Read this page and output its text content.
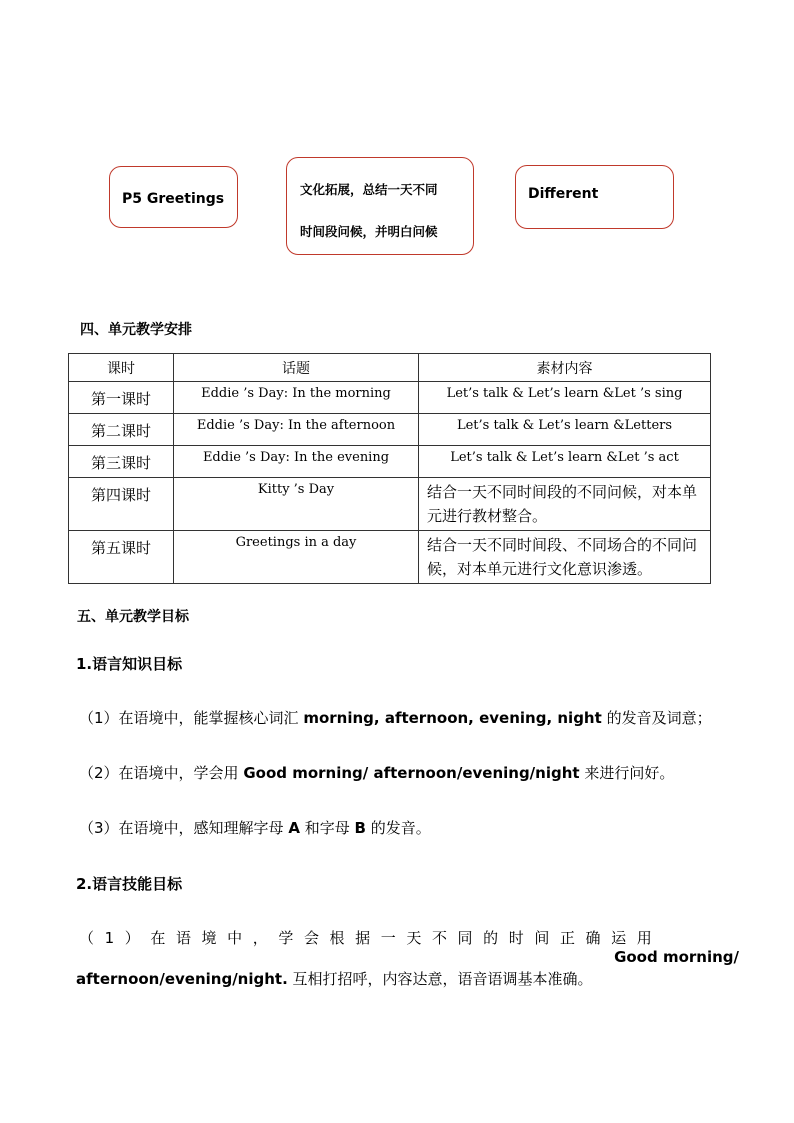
P5 Greetings
文化拓展，总结一天不同
时间段问候，并明白问候
Different
四、单元教学安排
课时	话题	素材内容
第一课时	Eddie ’s Day: In the morning	Let’s talk & Let’s learn &Let ’s sing
第二课时	Eddie ’s Day: In the afternoon	Let’s talk & Let’s learn &Letters
第三课时	Eddie ’s Day: In the evening	Let’s talk & Let’s learn &Let ’s act
第四课时	Kitty ’s Day	结合一天不同时间段的不同问候，对本单元进行教材整合。
第五课时	Greetings in a day	结合一天不同时间段、不同场合的不同问候，对本单元进行文化意识渗透。
五、单元教学目标
1.语言知识目标
（1）在语境中，能掌握核心词汇 morning, afternoon, evening, night 的发音及词意；
（2）在语境中，学会用 Good morning/ afternoon/evening/night 来进行问好。
（3）在语境中，感知理解字母 A 和字母 B 的发音。
2.语言技能目标
（1）在语境中，学会根据一天不同的时间正确运用
Good morning/
afternoon/evening/night. 互相打招呼，内容达意，语音语调基本准确。
